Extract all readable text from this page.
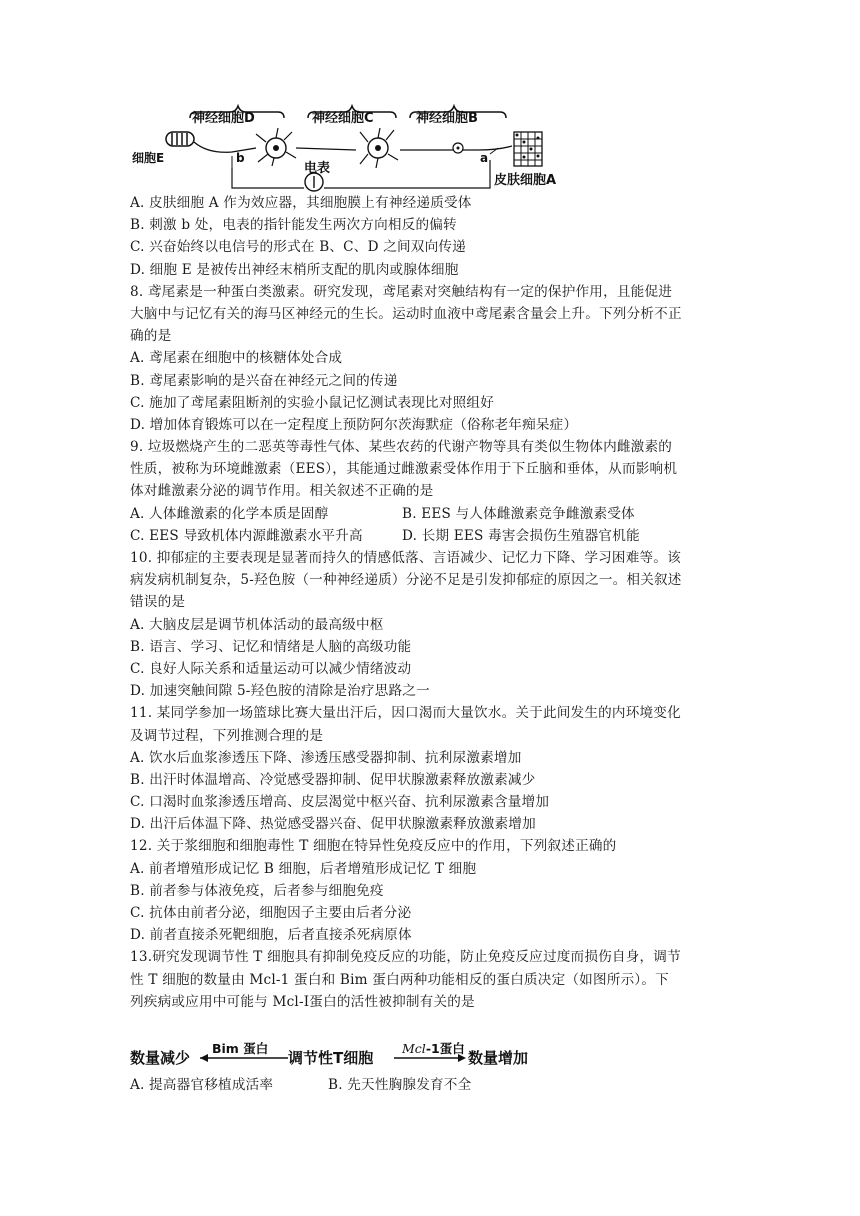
神经细胞D	神经细胞C	神经细胞B
细胞E	b	a
电表
皮肤细胞A
A. 皮肤细胞 A 作为效应器，其细胞膜上有神经递质受体
B. 刺激 b 处，电表的指针能发生两次方向相反的偏转
C. 兴奋始终以电信号的形式在 B、C、D 之间双向传递
D. 细胞 E 是被传出神经末梢所支配的肌肉或腺体细胞
8. 鸢尾素是一种蛋白类激素。研究发现，鸢尾素对突触结构有一定的保护作用，且能促进
大脑中与记忆有关的海马区神经元的生长。运动时血液中鸢尾素含量会上升。下列分析不正
确的是
A. 鸢尾素在细胞中的核糖体处合成
B. 鸢尾素影响的是兴奋在神经元之间的传递
C. 施加了鸢尾素阻断剂的实验小鼠记忆测试表现比对照组好
D. 增加体育锻炼可以在一定程度上预防阿尔茨海默症（俗称老年痴呆症）
9. 垃圾燃烧产生的二恶英等毒性气体、某些农药的代谢产物等具有类似生物体内雌激素的
性质，被称为环境雌激素（EES），其能通过雌激素受体作用于下丘脑和垂体，从而影响机
体对雌激素分泌的调节作用。相关叙述不正确的是
A. 人体雌激素的化学本质是固醇	B. EES 与人体雌激素竞争雌激素受体
C. EES 导致机体内源雌激素水平升高	D. 长期 EES 毒害会损伤生殖器官机能
10. 抑郁症的主要表现是显著而持久的情感低落、言语减少、记忆力下降、学习困难等。该
病发病机制复杂，5-羟色胺（一种神经递质）分泌不足是引发抑郁症的原因之一。相关叙述
错误的是
A. 大脑皮层是调节机体活动的最高级中枢
B. 语言、学习、记忆和情绪是人脑的高级功能
C. 良好人际关系和适量运动可以减少情绪波动
D. 加速突触间隙 5-羟色胺的清除是治疗思路之一
11. 某同学参加一场篮球比赛大量出汗后，因口渴而大量饮水。关于此间发生的内环境变化
及调节过程，下列推测合理的是
A. 饮水后血浆渗透压下降、渗透压感受器抑制、抗利尿激素增加
B. 出汗时体温增高、冷觉感受器抑制、促甲状腺激素释放激素减少
C. 口渴时血浆渗透压增高、皮层渴觉中枢兴奋、抗利尿激素含量增加
D. 出汗后体温下降、热觉感受器兴奋、促甲状腺激素释放激素增加
12. 关于浆细胞和细胞毒性 T 细胞在特异性免疫反应中的作用，下列叙述正确的
A. 前者增殖形成记忆 B 细胞，后者增殖形成记忆 T 细胞
B. 前者参与体液免疫，后者参与细胞免疫
C. 抗体由前者分泌，细胞因子主要由后者分泌
D. 前者直接杀死靶细胞，后者直接杀死病原体
13.研究发现调节性 T 细胞具有抑制免疫反应的功能，防止免疫反应过度而损伤自身，调节
性 T 细胞的数量由 Mcl-1 蛋白和 Bim 蛋白两种功能相反的蛋白质决定（如图所示）。下
列疾病或应用中可能与 Mcl-Ⅰ蛋白的活性被抑制有关的是
数量减少
Bim 蛋白
调节性T细胞
Mcl-1蛋白
数量增加
A. 提高器官移植成活率	B. 先天性胸腺发育不全
